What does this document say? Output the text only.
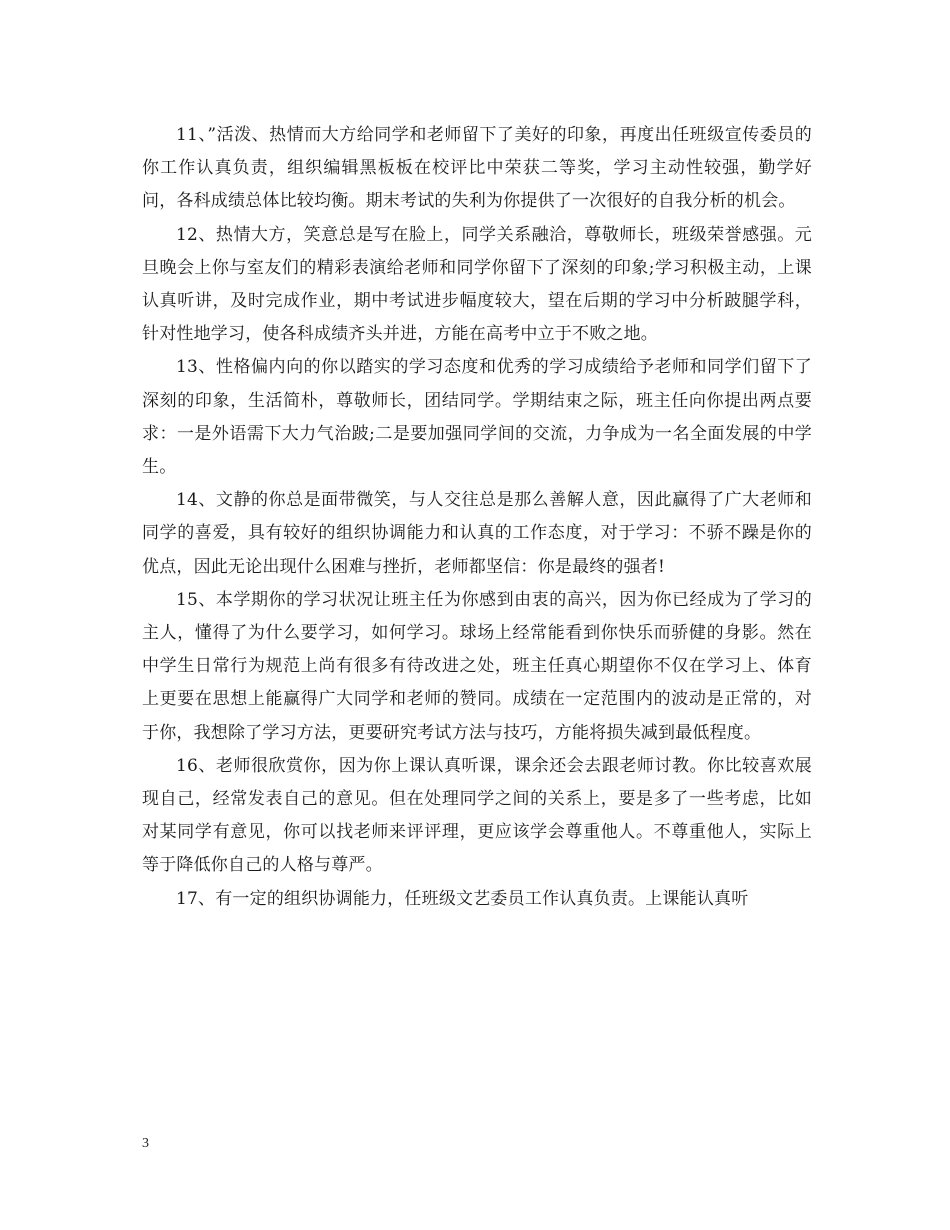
11、”活泼、热情而大方给同学和老师留下了美好的印象，再度出任班级宣传委员的你工作认真负责，组织编辑黑板板在校评比中荣获二等奖，学习主动性较强，勤学好问，各科成绩总体比较均衡。期末考试的失利为你提供了一次很好的自我分析的机会。

12、热情大方，笑意总是写在脸上，同学关系融洽，尊敬师长，班级荣誉感强。元旦晚会上你与室友们的精彩表演给老师和同学你留下了深刻的印象;学习积极主动，上课认真听讲，及时完成作业，期中考试进步幅度较大，望在后期的学习中分析跛腿学科，针对性地学习，使各科成绩齐头并进，方能在高考中立于不败之地。

13、性格偏内向的你以踏实的学习态度和优秀的学习成绩给予老师和同学们留下了深刻的印象，生活简朴，尊敬师长，团结同学。学期结束之际，班主任向你提出两点要求：一是外语需下大力气治跛;二是要加强同学间的交流，力争成为一名全面发展的中学生。

14、文静的你总是面带微笑，与人交往总是那么善解人意，因此赢得了广大老师和同学的喜爱，具有较好的组织协调能力和认真的工作态度，对于学习：不骄不躁是你的优点，因此无论出现什么困难与挫折，老师都坚信：你是最终的强者!

15、本学期你的学习状况让班主任为你感到由衷的高兴，因为你已经成为了学习的主人，懂得了为什么要学习，如何学习。球场上经常能看到你快乐而骄健的身影。然在中学生日常行为规范上尚有很多有待改进之处，班主任真心期望你不仅在学习上、体育上更要在思想上能赢得广大同学和老师的赞同。成绩在一定范围内的波动是正常的，对于你，我想除了学习方法，更要研究考试方法与技巧，方能将损失减到最低程度。

16、老师很欣赏你，因为你上课认真听课，课余还会去跟老师讨教。你比较喜欢展现自己，经常发表自己的意见。但在处理同学之间的关系上，要是多了一些考虑，比如对某同学有意见，你可以找老师来评评理，更应该学会尊重他人。不尊重他人，实际上等于降低你自己的人格与尊严。

17、有一定的组织协调能力，任班级文艺委员工作认真负责。上课能认真听

3
